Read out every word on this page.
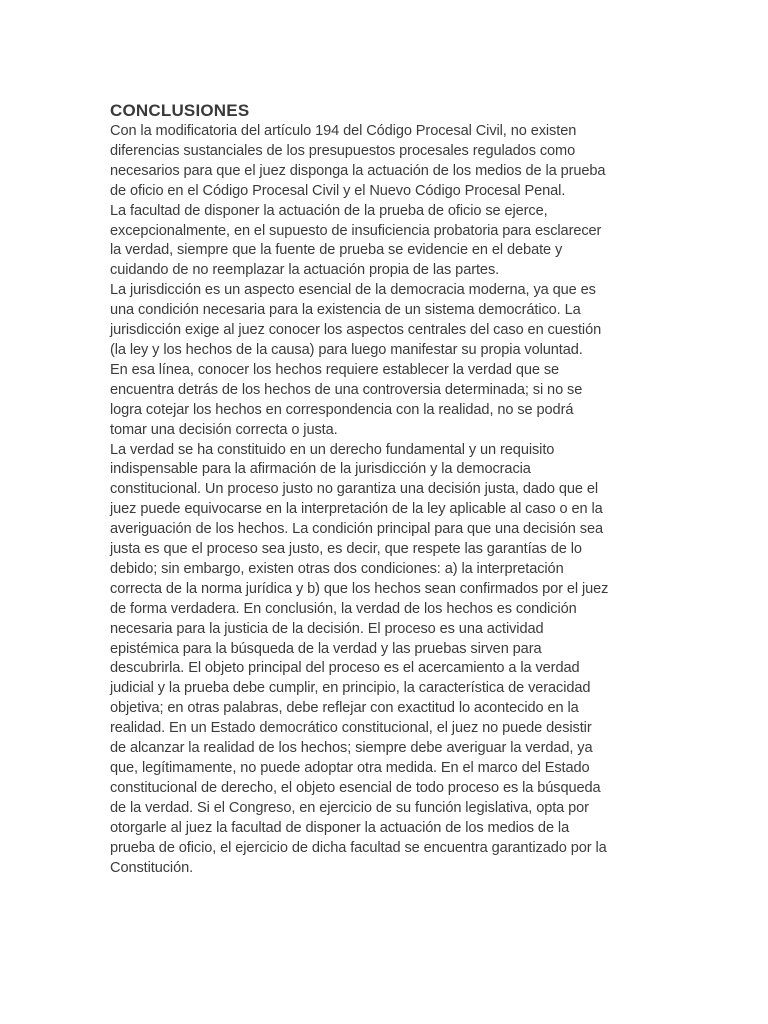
CONCLUSIONES

Con la modificatoria del artículo 194 del Código Procesal Civil, no existen
diferencias sustanciales de los presupuestos procesales regulados como
necesarios para que el juez disponga la actuación de los medios de la prueba
de oficio en el Código Procesal Civil y el Nuevo Código Procesal Penal.

La facultad de disponer la actuación de la prueba de oficio se ejerce,
excepcionalmente, en el supuesto de insuficiencia probatoria para esclarecer
la verdad, siempre que la fuente de prueba se evidencie en el debate y
cuidando de no reemplazar la actuación propia de las partes.

La jurisdicción es un aspecto esencial de la democracia moderna, ya que es
una condición necesaria para la existencia de un sistema democrático. La
jurisdicción exige al juez conocer los aspectos centrales del caso en cuestión
(la ley y los hechos de la causa) para luego manifestar su propia voluntad.

En esa línea, conocer los hechos requiere establecer la verdad que se
encuentra detrás de los hechos de una controversia determinada; si no se
logra cotejar los hechos en correspondencia con la realidad, no se podrá
tomar una decisión correcta o justa.

La verdad se ha constituido en un derecho fundamental y un requisito
indispensable para la afirmación de la jurisdicción y la democracia
constitucional. Un proceso justo no garantiza una decisión justa, dado que el
juez puede equivocarse en la interpretación de la ley aplicable al caso o en la
averiguación de los hechos. La condición principal para que una decisión sea
justa es que el proceso sea justo, es decir, que respete las garantías de lo
debido; sin embargo, existen otras dos condiciones: a) la interpretación
correcta de la norma jurídica y b) que los hechos sean confirmados por el juez
de forma verdadera. En conclusión, la verdad de los hechos es condición
necesaria para la justicia de la decisión. El proceso es una actividad
epistémica para la búsqueda de la verdad y las pruebas sirven para
descubrirla. El objeto principal del proceso es el acercamiento a la verdad
judicial y la prueba debe cumplir, en principio, la característica de veracidad
objetiva; en otras palabras, debe reflejar con exactitud lo acontecido en la
realidad. En un Estado democrático constitucional, el juez no puede desistir
de alcanzar la realidad de los hechos; siempre debe averiguar la verdad, ya
que, legítimamente, no puede adoptar otra medida. En el marco del Estado
constitucional de derecho, el objeto esencial de todo proceso es la búsqueda
de la verdad. Si el Congreso, en ejercicio de su función legislativa, opta por
otorgarle al juez la facultad de disponer la actuación de los medios de la
prueba de oficio, el ejercicio de dicha facultad se encuentra garantizado por la
Constitución.
